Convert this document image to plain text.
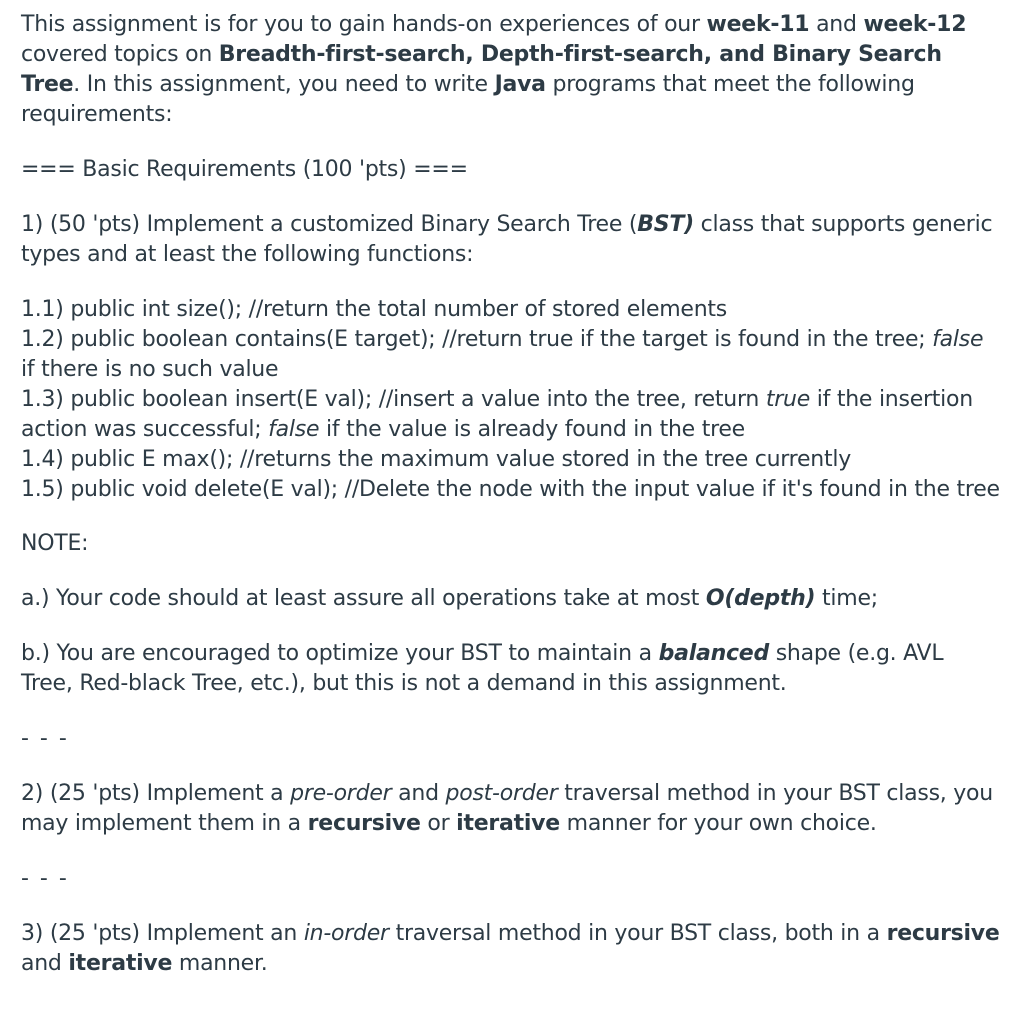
This assignment is for you to gain hands-on experiences of our week-11 and week-12 covered topics on Breadth-first-search, Depth-first-search, and Binary Search Tree. In this assignment, you need to write Java programs that meet the following requirements:

=== Basic Requirements (100 'pts) ===

1) (50 'pts) Implement a customized Binary Search Tree (BST) class that supports generic types and at least the following functions:

1.1) public int size(); //return the total number of stored elements

1.2) public boolean contains(E target); //return true if the target is found in the tree; false if there is no such value

1.3) public boolean insert(E val); //insert a value into the tree, return true if the insertion action was successful; false if the value is already found in the tree

1.4) public E max(); //returns the maximum value stored in the tree currently

1.5) public void delete(E val); //Delete the node with the input value if it's found in the tree

NOTE:

a.) Your code should at least assure all operations take at most O(depth) time;

b.) You are encouraged to optimize your BST to maintain a balanced shape (e.g. AVL Tree, Red-black Tree, etc.), but this is not a demand in this assignment.

- - -

2) (25 'pts) Implement a pre-order and post-order traversal method in your BST class, you may implement them in a recursive or iterative manner for your own choice.

- - -

3) (25 'pts) Implement an in-order traversal method in your BST class, both in a recursive and iterative manner.
